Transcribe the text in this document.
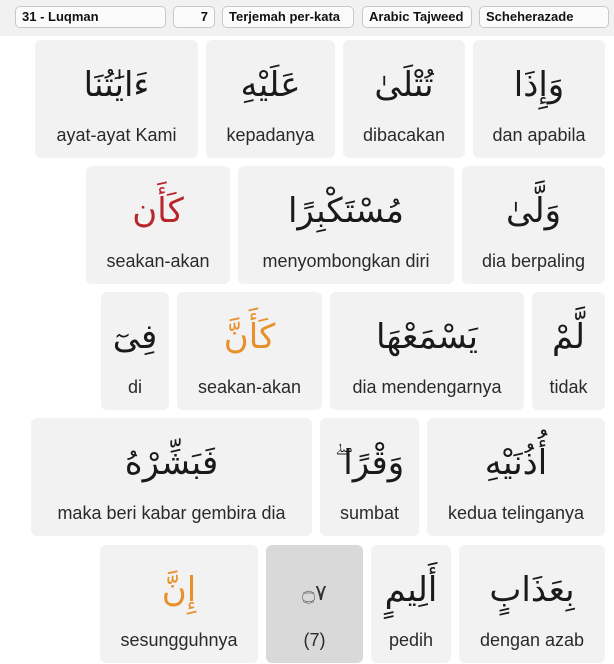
31 - Luqman	7	Terjemah per-kata	Arabic Tajweed	Scheherazade
وَإِذَا
dan apabila
تُتْلَىٰ
dibacakan
عَلَيْهِ
kepadanya
ءَايَٰتُنَا
ayat-ayat Kami
وَلَّىٰ
dia berpaling
مُسْتَكْبِرًا
menyombongkan diri
كَأَن
seakan-akan
لَّمْ
tidak
يَسْمَعْهَا
dia mendengarnya
كَأَنَّ
seakan-akan
فِىٓ
di
أُذُنَيْهِ
kedua telinganya
وَقْرًا ۖ
sumbat
فَبَشِّرْهُ
maka beri kabar gembira dia
بِعَذَابٍ
dengan azab
أَلِيمٍ
pedih
۝٧
(7)
إِنَّ
sesungguhnya
